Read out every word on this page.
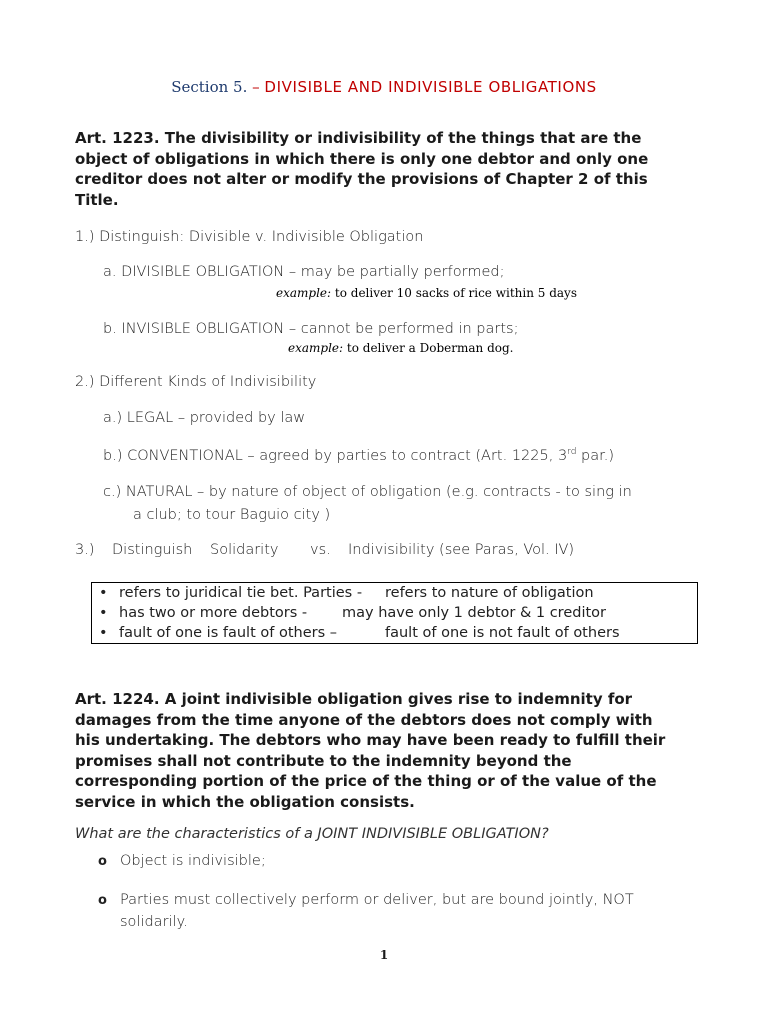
Section 5. – DIVISIBLE AND INDIVISIBLE OBLIGATIONS
Art. 1223. The divisibility or indivisibility of the things that are the
object of obligations in which there is only one debtor and only one
creditor does not alter or modify the provisions of Chapter 2 of this
Title.
1.) Distinguish: Divisible v. Indivisible Obligation
a. DIVISIBLE OBLIGATION – may be partially performed;
example: to deliver 10 sacks of rice within 5 days
b. INVISIBLE OBLIGATION – cannot be performed in parts;
example: to deliver a Doberman dog.
2.) Different Kinds of Indivisibility
a.) LEGAL – provided by law
b.) CONVENTIONAL – agreed by parties to contract (Art. 1225, 3rd par.)
c.) NATURAL – by nature of object of obligation (e.g. contracts - to sing in
a club; to tour Baguio city )
3.) Distinguish Solidarity vs. Indivisibility (see Paras, Vol. IV)
• refers to juridical tie bet. Parties - refers to nature of obligation
• has two or more debtors - may have only 1 debtor & 1 creditor
• fault of one is fault of others –	fault of one is not fault of others
Art. 1224. A joint indivisible obligation gives rise to indemnity for
damages from the time anyone of the debtors does not comply with
his undertaking. The debtors who may have been ready to fulfill their
promises shall not contribute to the indemnity beyond the
corresponding portion of the price of the thing or of the value of the
service in which the obligation consists.
What are the characteristics of a JOINT INDIVISIBLE OBLIGATION?
o Object is indivisible;
o Parties must collectively perform or deliver, but are bound jointly, NOT
solidarily.
1
